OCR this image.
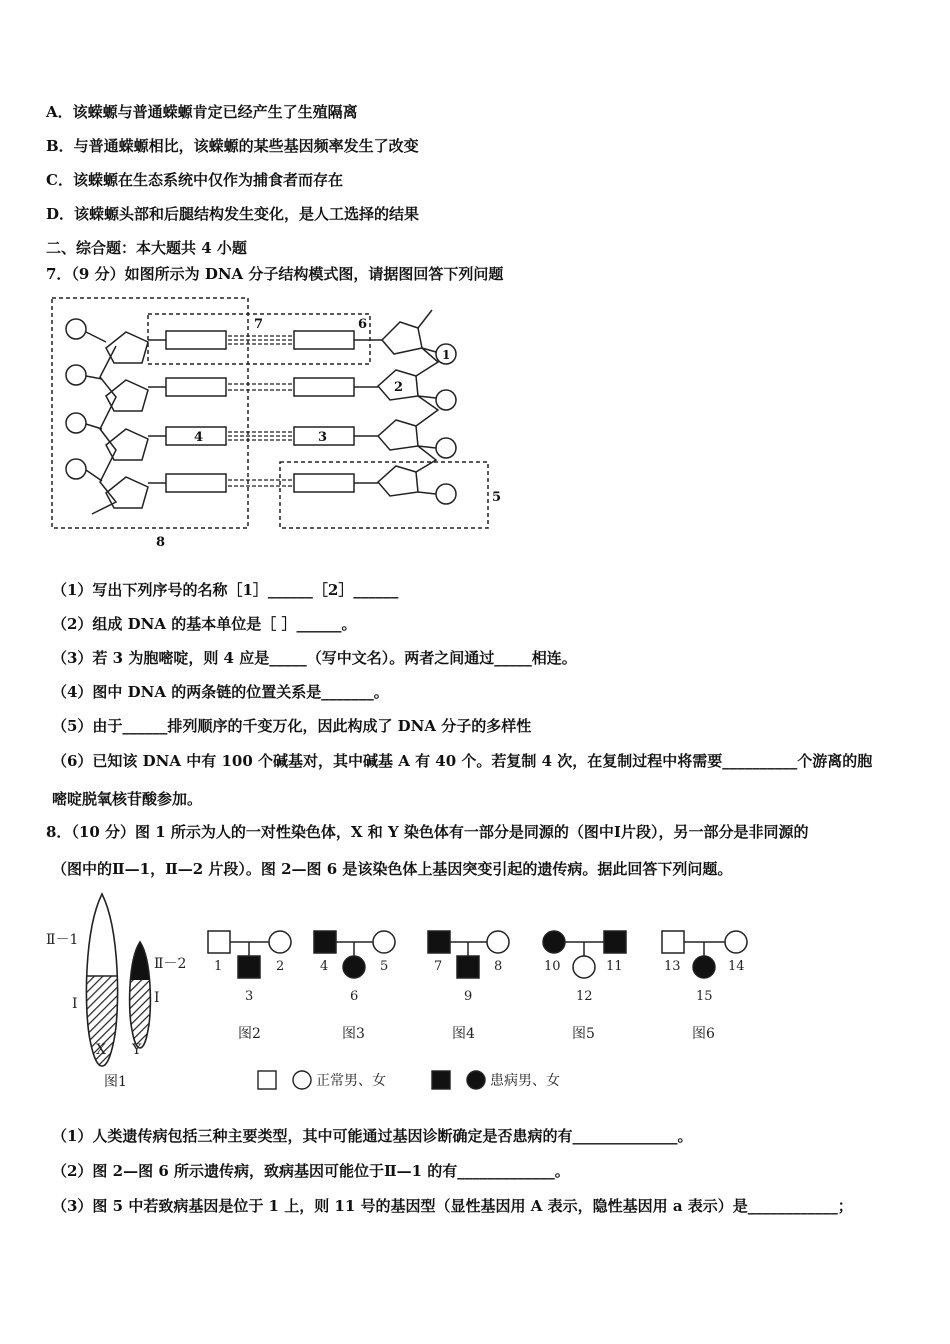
A．该蝾螈与普通蝾螈肯定已经产生了生殖隔离
B．与普通蝾螈相比，该蝾螈的某些基因频率发生了改变
C．该蝾螈在生态系统中仅作为捕食者而存在
D．该蝾螈头部和后腿结构发生变化，是人工选择的结果
二、综合题：本大题共 4 小题
7．（9 分）如图所示为 DNA 分子结构模式图，请据图回答下列问题
7	6
1
2
3
4
5
8
（1）写出下列序号的名称［1］______［2］______
（2）组成 DNA 的基本单位是［ ］______。
（3）若 3 为胞嘧啶，则 4 应是_____（写中文名）。两者之间通过_____相连。
（4）图中 DNA 的两条链的位置关系是_______。
（5）由于______排列顺序的千变万化，因此构成了 DNA 分子的多样性
（6）已知该 DNA 中有 100 个碱基对，其中碱基 A 有 40 个。若复制 4 次，在复制过程中将需要__________个游离的胞
嘧啶脱氧核苷酸参加。
8．（10 分）图 1 所示为人的一对性染色体，X 和 Y 染色体有一部分是同源的（图中Ⅰ片段），另一部分是非同源的
（图中的Ⅱ—1，Ⅱ—2 片段）。图 2—图 6 是该染色体上基因突变引起的遗传病。据此回答下列问题。
Ⅱ－1
Ⅱ－2
Ⅰ	Ⅰ
X Y
图1
1	2
3
4	5
6
7	8
9
10	11
12
13	14
15
图2	图3	图4	图5	图6
正常男、女	患病男、女
（1）人类遗传病包括三种主要类型，其中可能通过基因诊断确定是否患病的有______________。
（2）图 2—图 6 所示遗传病，致病基因可能位于Ⅱ—1 的有_____________。
（3）图 5 中若致病基因是位于 1 上，则 11 号的基因型（显性基因用 A 表示，隐性基因用 a 表示）是____________；
